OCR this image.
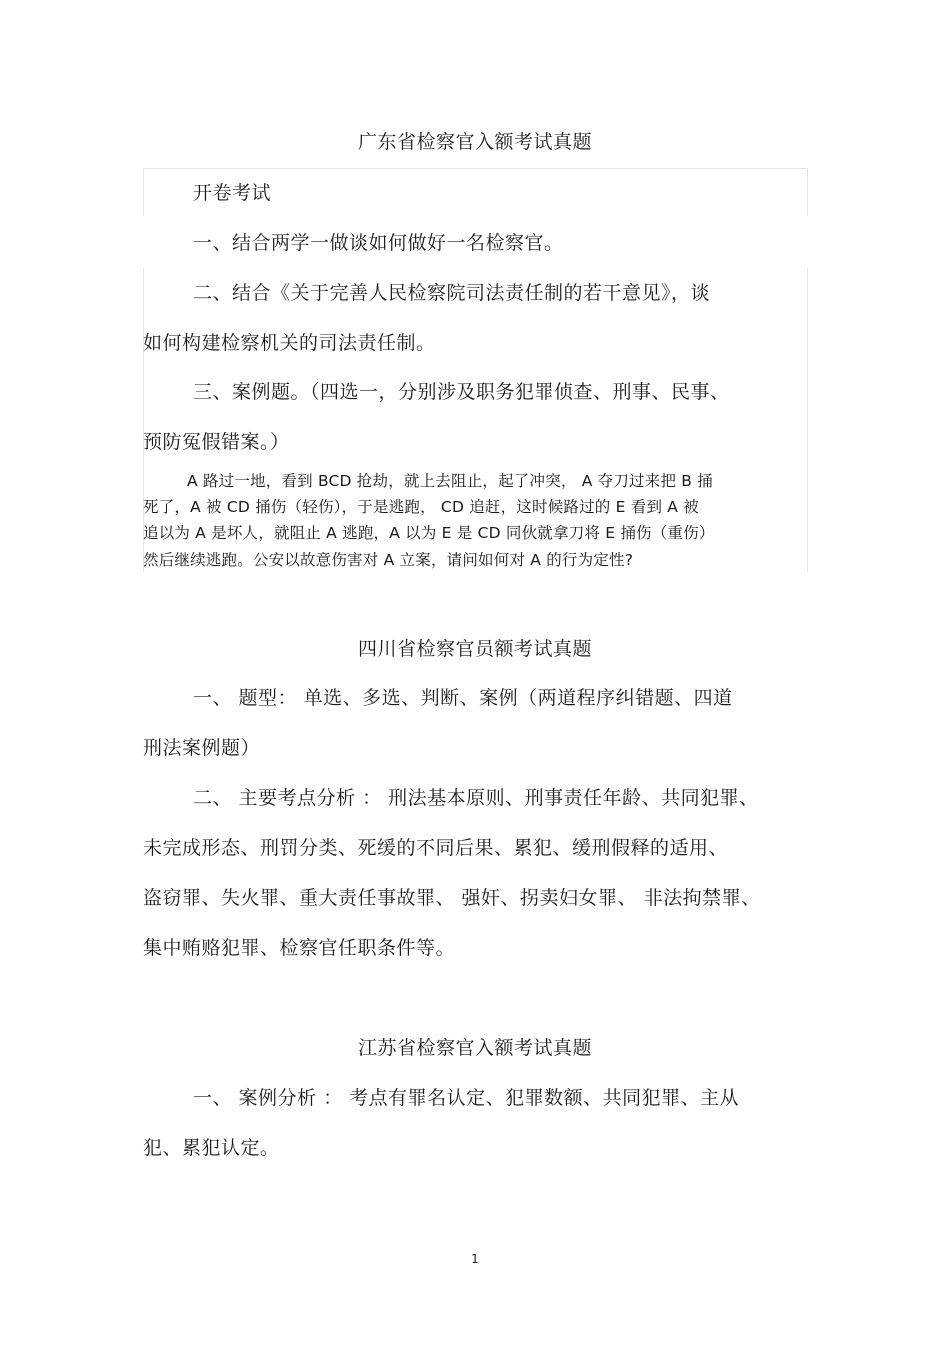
广东省检察官入额考试真题
开卷考试
一、结合两学一做谈如何做好一名检察官。
二、结合《关于完善人民检察院司法责任制的若干意见》，谈
如何构建检察机关的司法责任制。
三、案例题。（四选一，分别涉及职务犯罪侦查、刑事、民事、
预防冤假错案。）
A 路过一地，看到 BCD 抢劫，就上去阻止，起了冲突， A 夺刀过来把 B 捅
死了，A 被 CD 捅伤（轻伤），于是逃跑， CD 追赶，这时候路过的 E 看到 A 被
追以为 A 是坏人，就阻止 A 逃跑，A 以为 E 是 CD 同伙就拿刀将 E 捅伤（重伤）
然后继续逃跑。公安以故意伤害对 A 立案，请问如何对 A 的行为定性?
四川省检察官员额考试真题
一、 题型： 单选、多选、判断、案例（两道程序纠错题、四道
刑法案例题）
二、 主要考点分析 ： 刑法基本原则、刑事责任年龄、共同犯罪、
未完成形态、刑罚分类、死缓的不同后果、累犯、缓刑假释的适用、
盗窃罪、失火罪、重大责任事故罪、 强奸、拐卖妇女罪、 非法拘禁罪、
集中贿赂犯罪、检察官任职条件等。
江苏省检察官入额考试真题
一、 案例分析 ： 考点有罪名认定、犯罪数额、共同犯罪、主从
犯、累犯认定。
1
